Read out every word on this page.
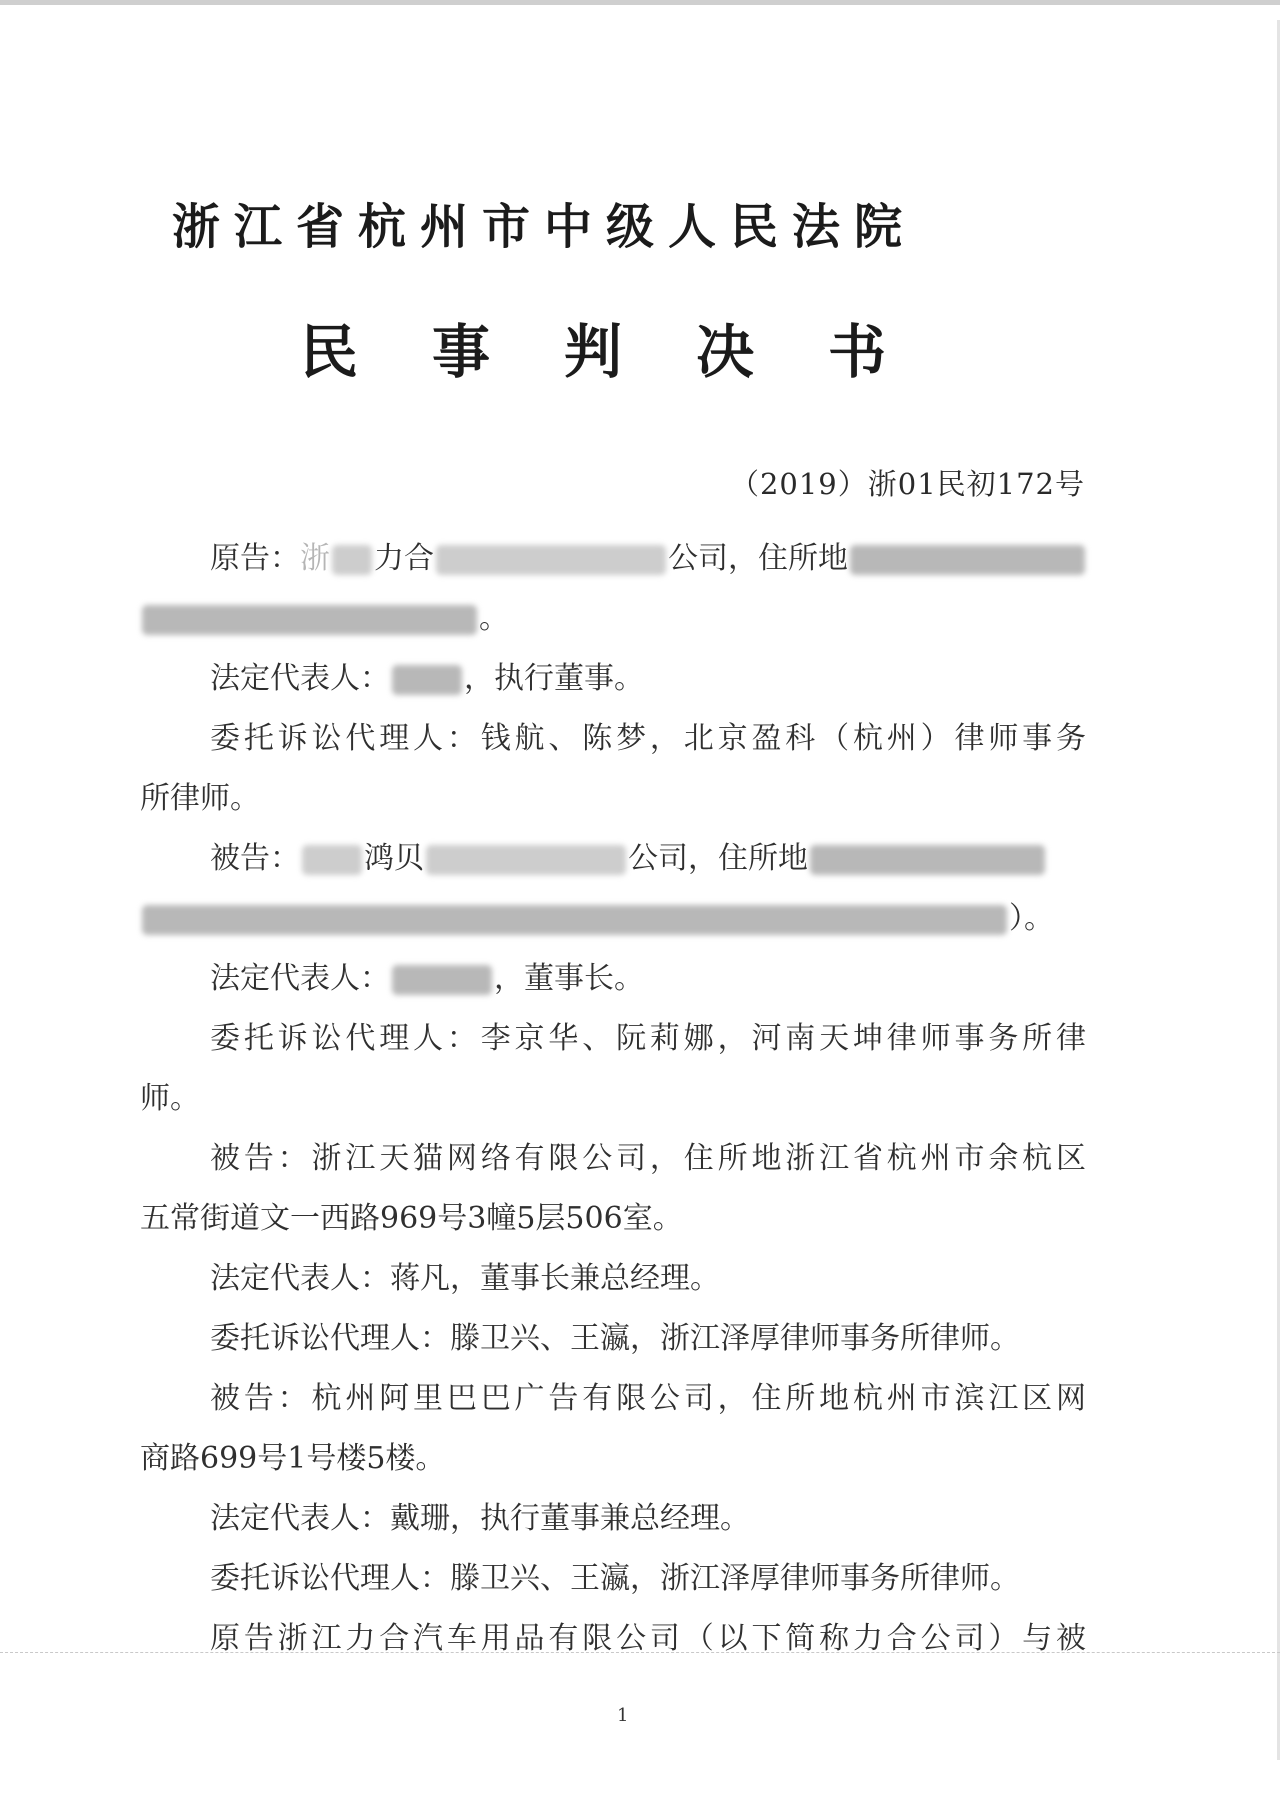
浙江省杭州市中级人民法院
民事判决书
（2019）浙01民初172号
原告：浙 力合	公司，住所地
。
法定代表人： ，执行董事。
委托诉讼代理人：钱航、陈梦，北京盈科（杭州）律师事务
所律师。
被告： 鸿贝	公司，住所地
）。
法定代表人：	，董事长。
委托诉讼代理人：李京华、阮莉娜，河南天坤律师事务所律
师。
被告：浙江天猫网络有限公司，住所地浙江省杭州市余杭区
五常街道文一西路969号3幢5层506室。
法定代表人：蒋凡，董事长兼总经理。
委托诉讼代理人：滕卫兴、王瀛，浙江泽厚律师事务所律师。
被告：杭州阿里巴巴广告有限公司，住所地杭州市滨江区网
商路699号1号楼5楼。
法定代表人：戴珊，执行董事兼总经理。
委托诉讼代理人：滕卫兴、王瀛，浙江泽厚律师事务所律师。
原告浙江力合汽车用品有限公司（以下简称力合公司）与被
1
